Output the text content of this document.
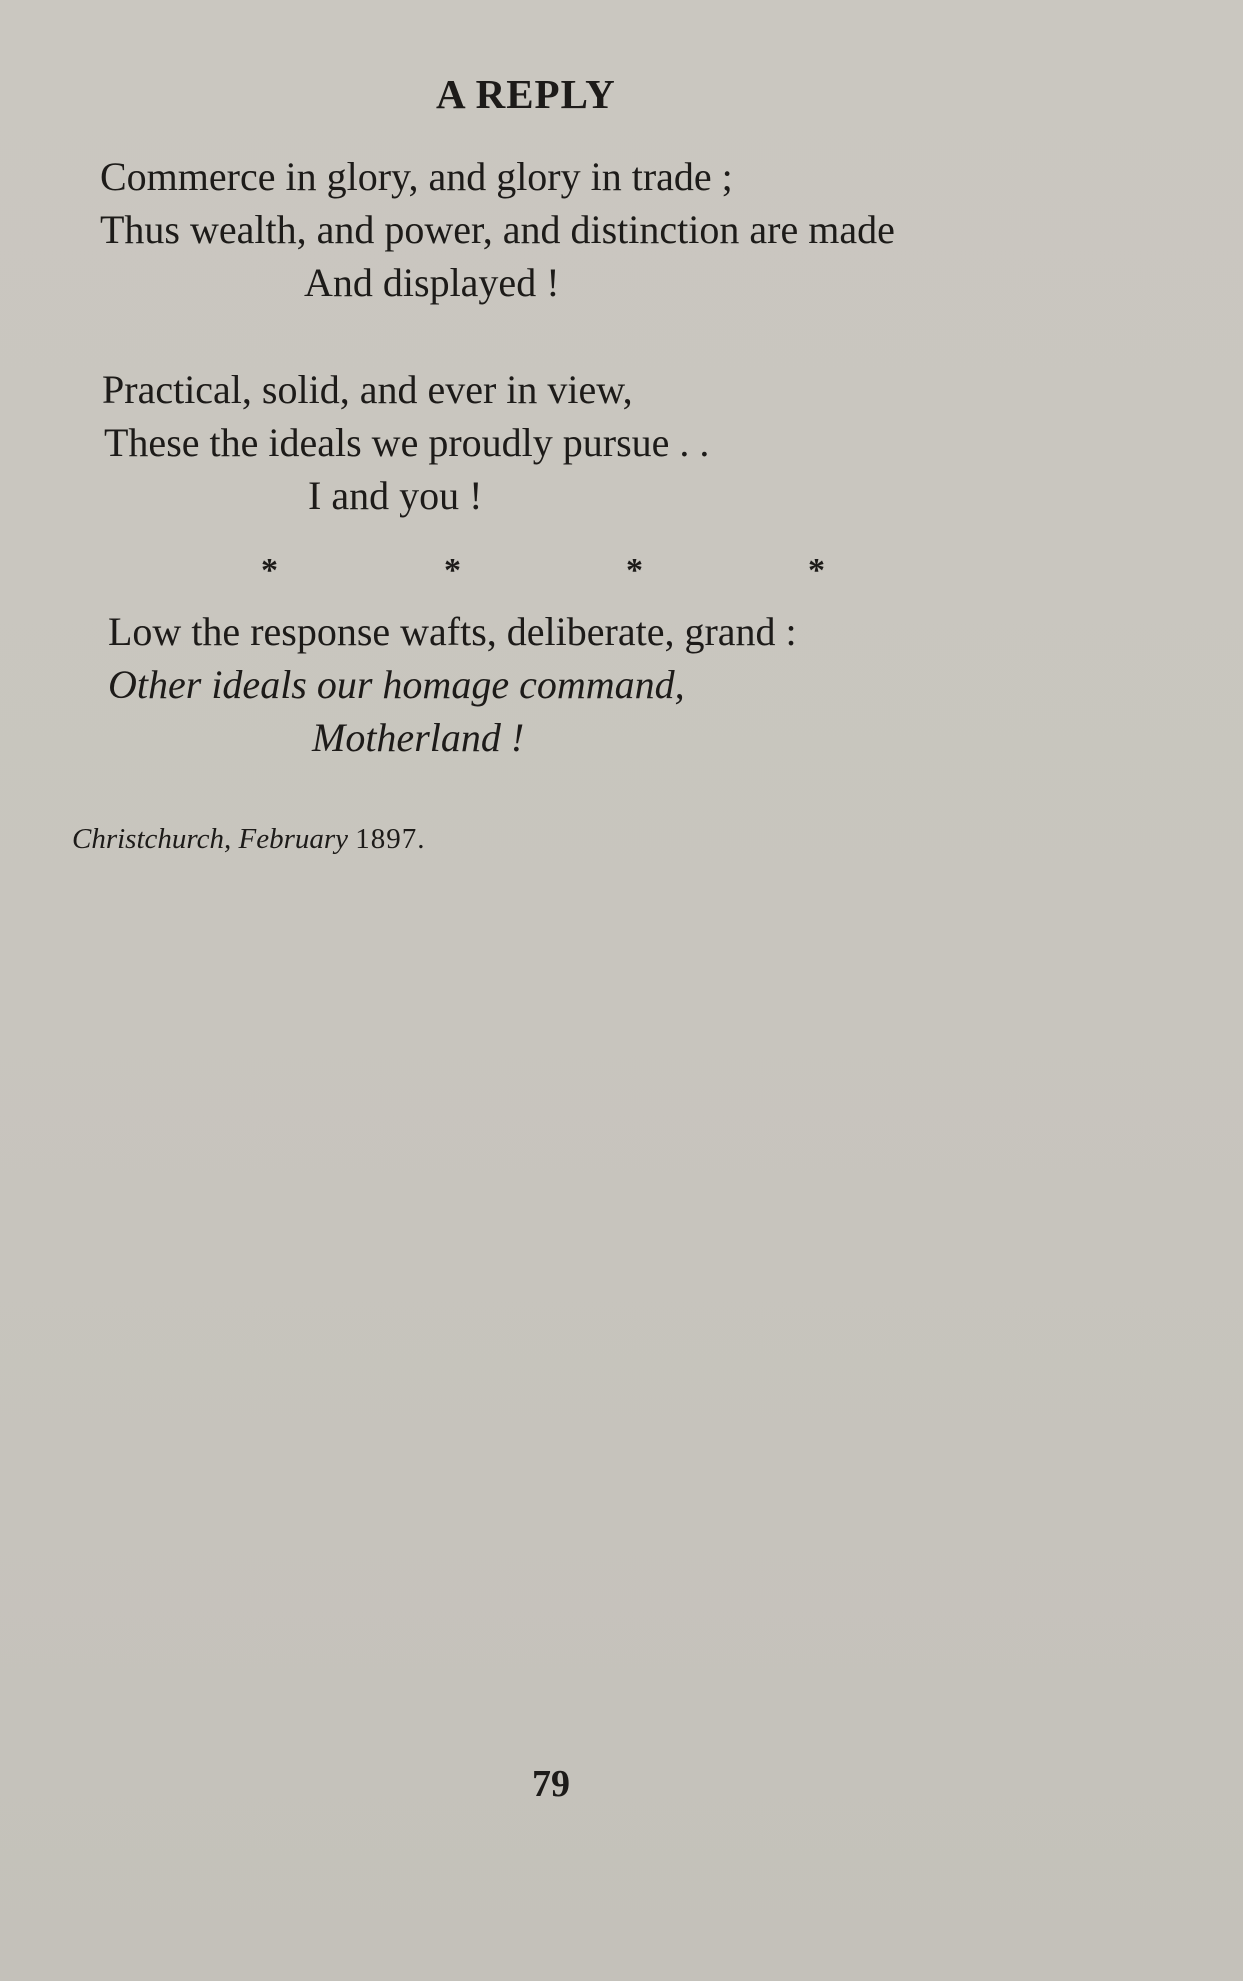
A REPLY
Commerce in glory, and glory in trade ;
Thus wealth, and power, and distinction are made
And displayed !
Practical, solid, and ever in view,
These the ideals we proudly pursue . .
I and you !
*	*	*	*
Low the response wafts, deliberate, grand :
Other ideals our homage command,
Motherland !
Christchurch, February 1897.
79
